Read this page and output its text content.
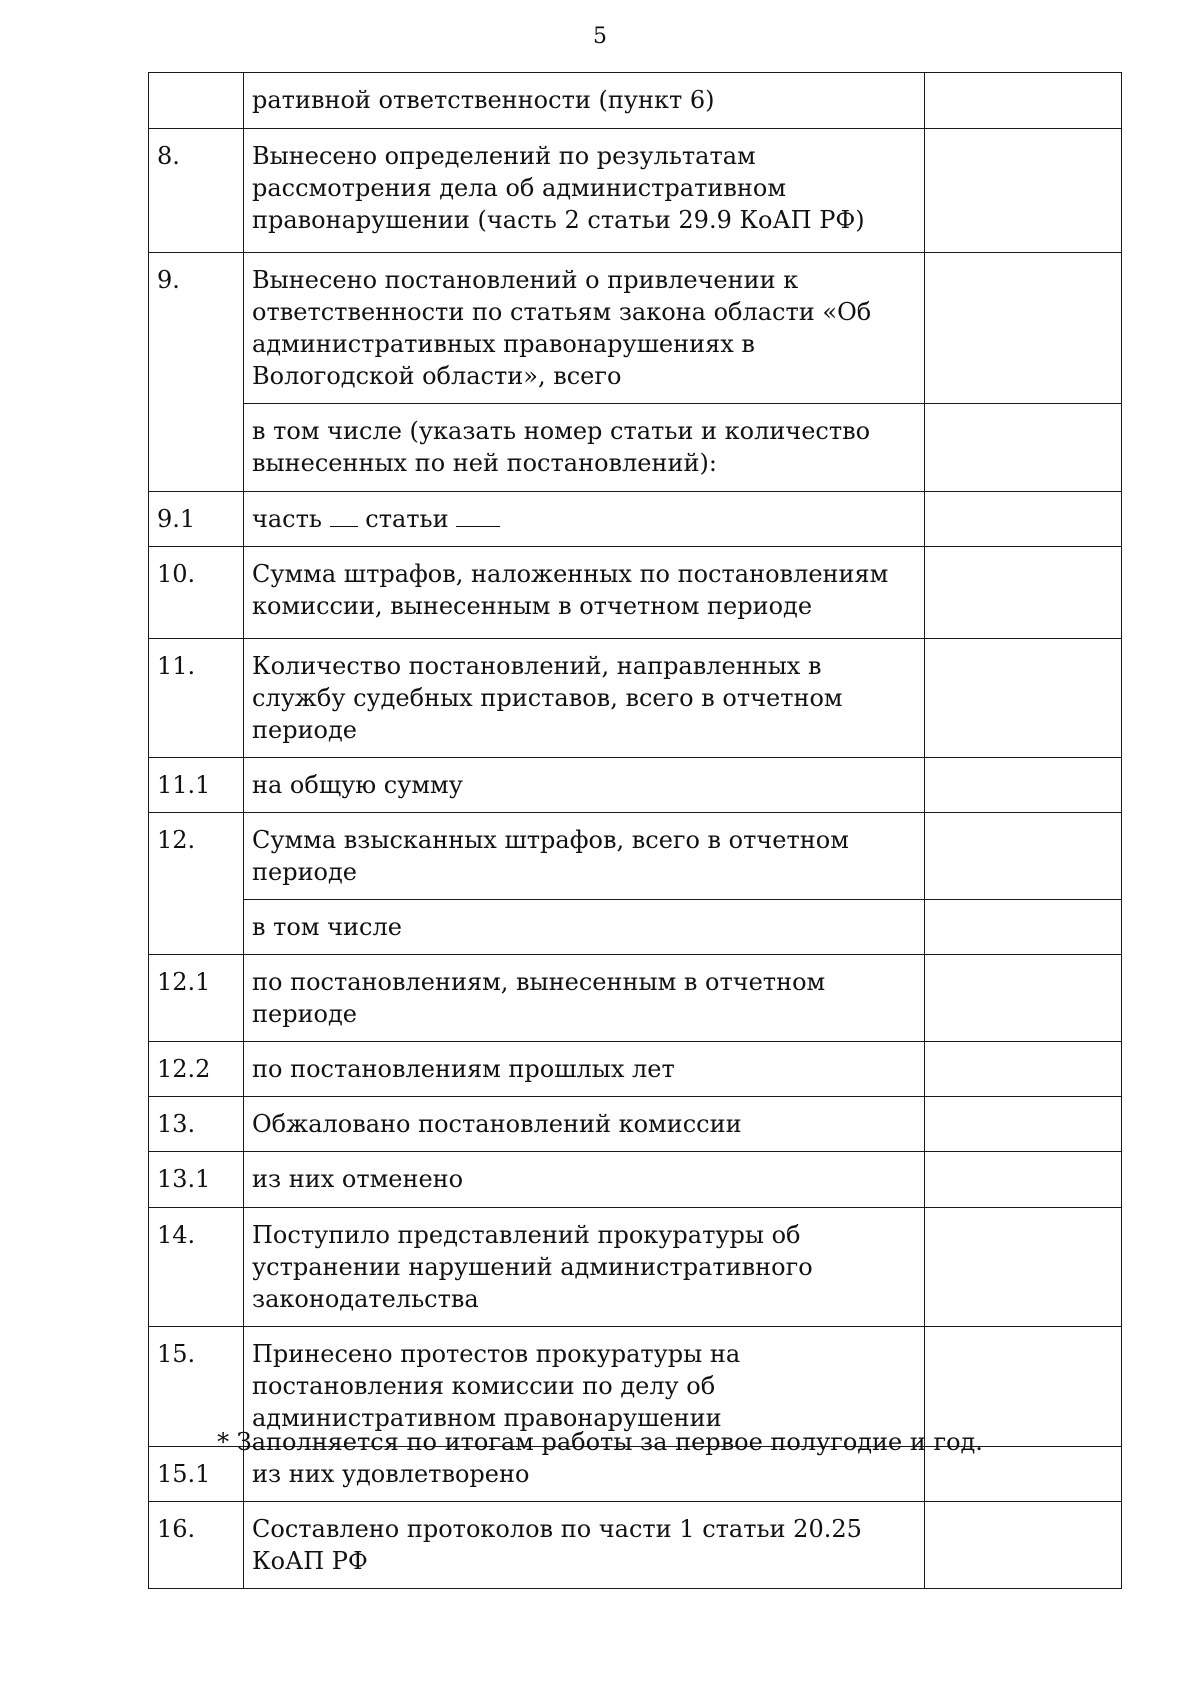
5
	ративной ответственности (пункт 6)	
8.	Вынесено определений по результатам рассмотрения дела об административном правонарушении (часть 2 статьи 29.9 КоАП РФ)	
9.	Вынесено постановлений о привлечении к ответственности по статьям закона области «Об административных правонарушениях в Вологодской области», всего	
	в том числе (указать номер статьи и количество вынесенных по ней постановлений):	
9.1	часть статьи	
10.	Сумма штрафов, наложенных по постановлениям комиссии, вынесенным в отчетном периоде	
11.	Количество постановлений, направленных в службу судебных приставов, всего в отчетном периоде	
11.1	на общую сумму	
12.	Сумма взысканных штрафов, всего в отчетном периоде	
	в том числе	
12.1	по постановлениям, вынесенным в отчетном периоде	
12.2	по постановлениям прошлых лет	
13.	Обжаловано постановлений комиссии	
13.1	из них отменено	
14.	Поступило представлений прокуратуры об устранении нарушений административного законодательства	
15.	Принесено протестов прокуратуры на постановления комиссии по делу об административном правонарушении	
15.1	из них удовлетворено	
16.	Составлено протоколов по части 1 статьи 20.25 КоАП РФ	
* Заполняется по итогам работы за первое полугодие и год.
